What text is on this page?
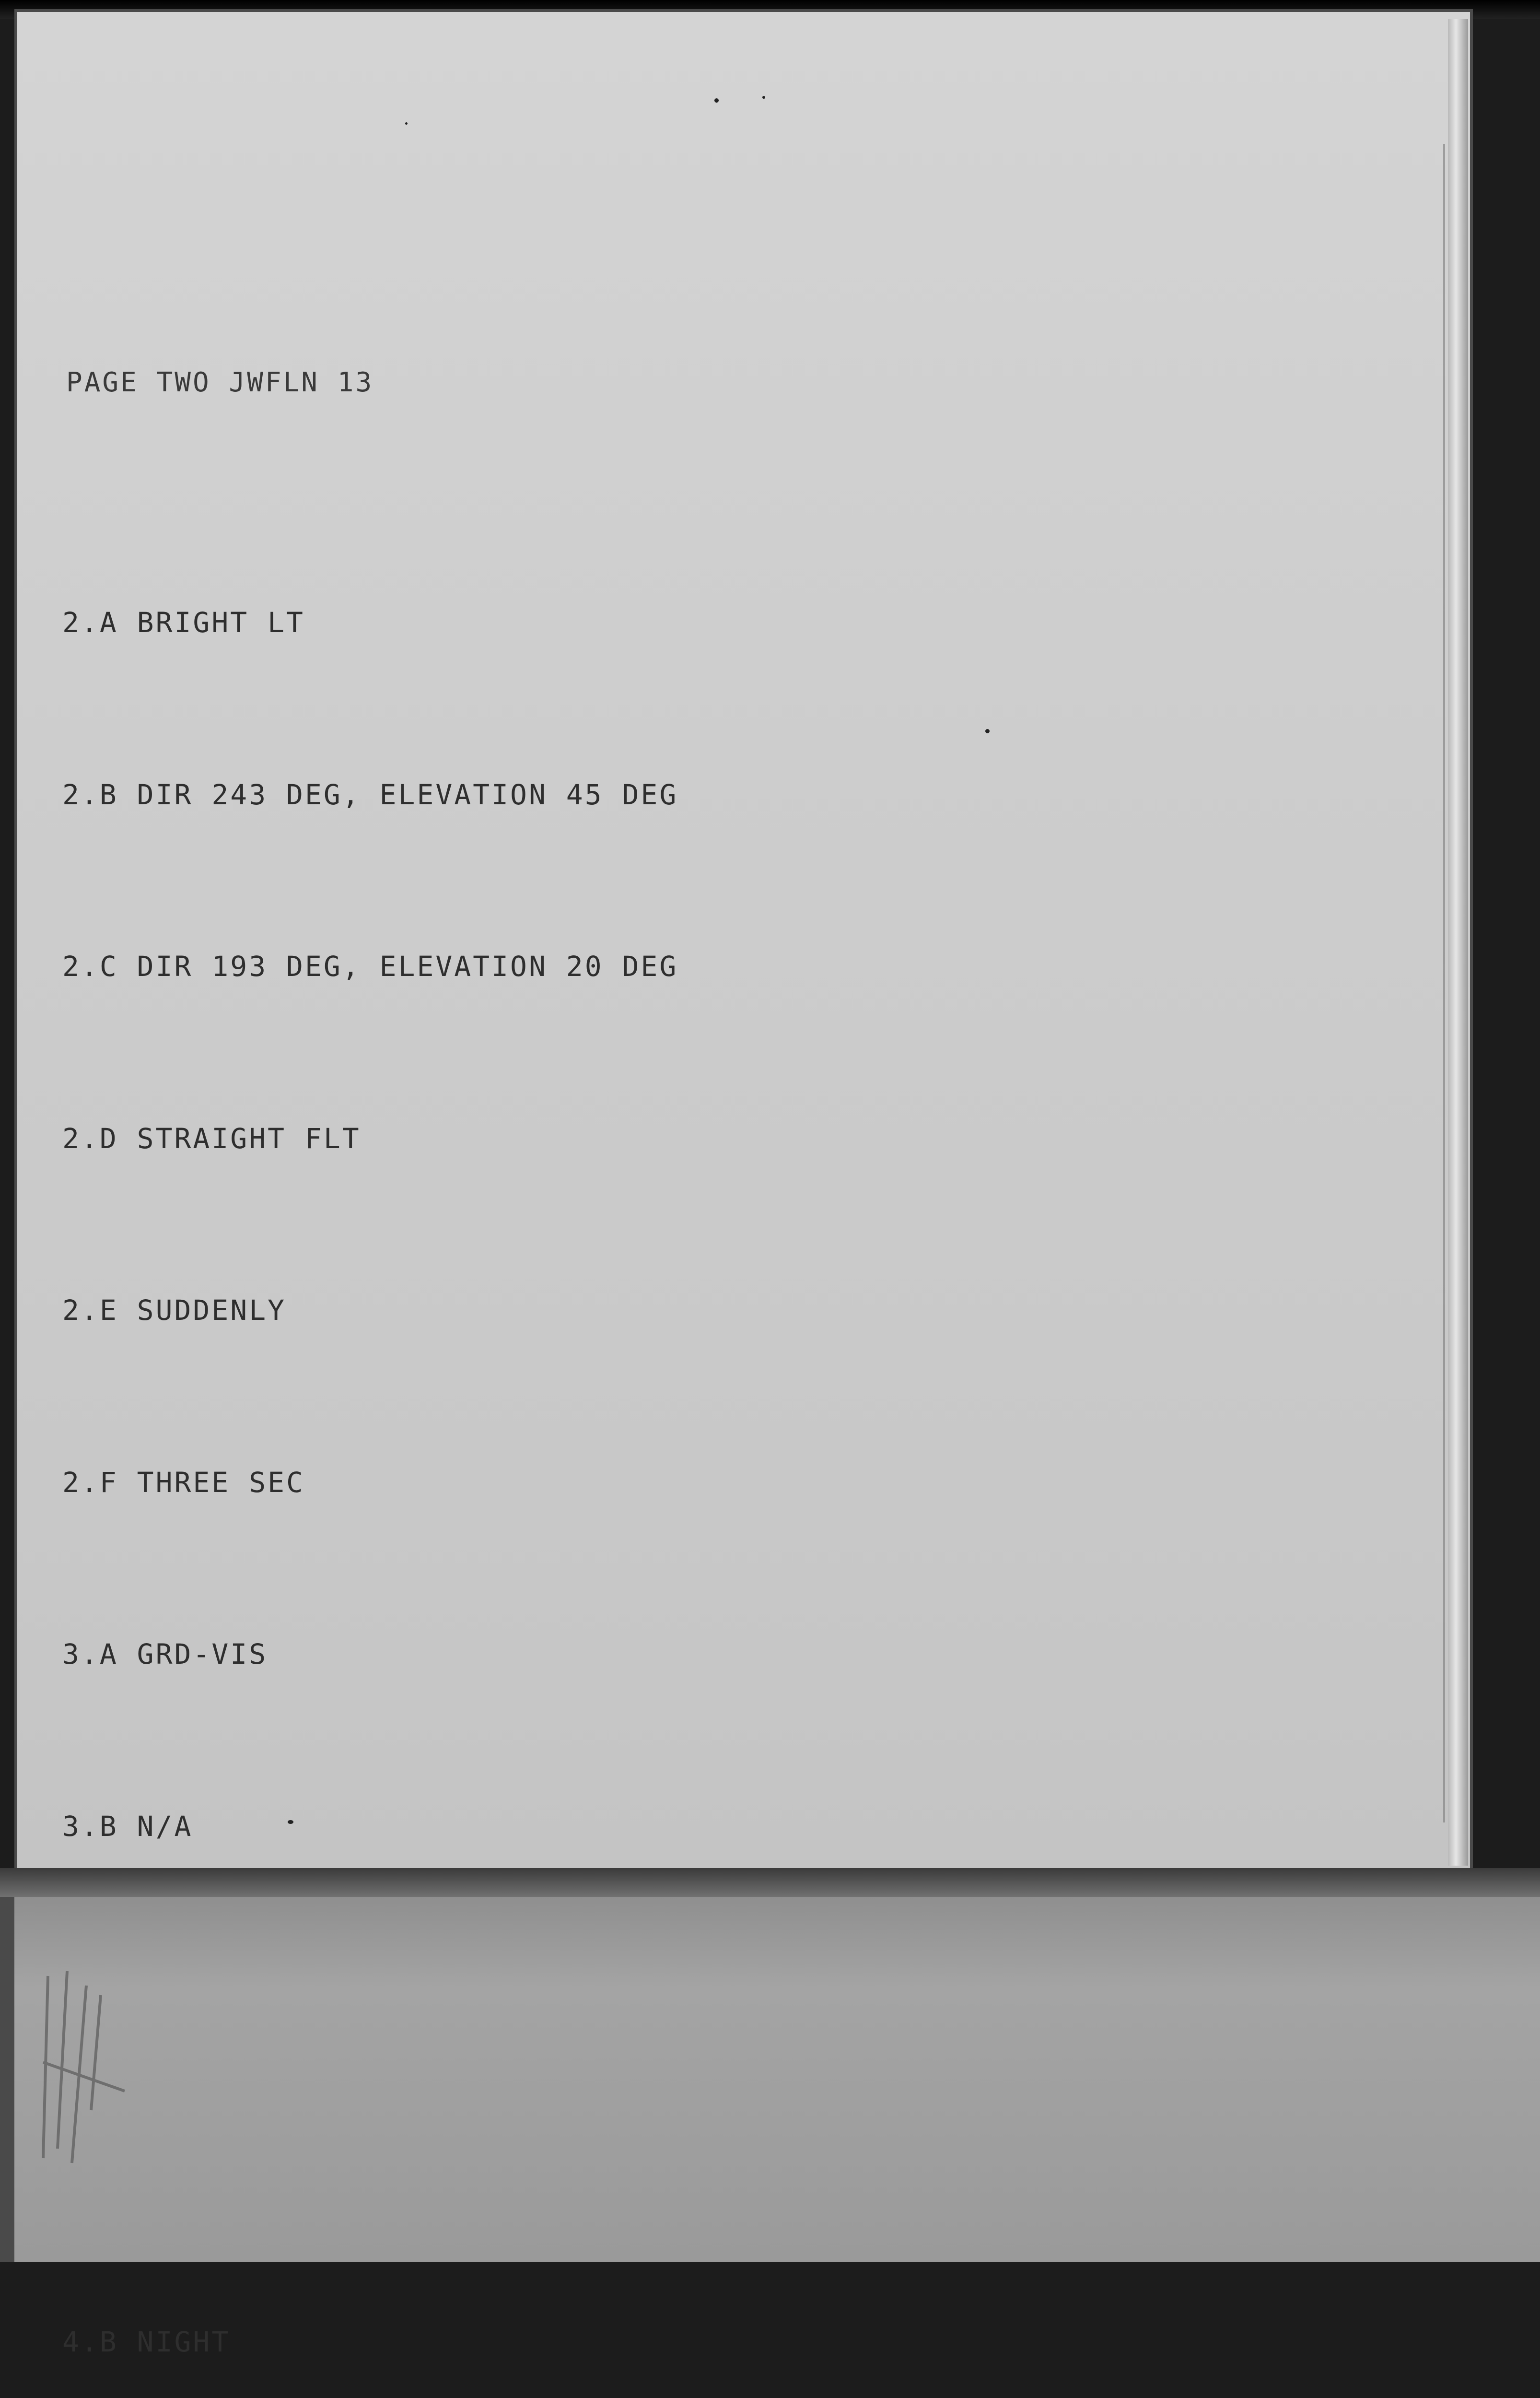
PAGE TWO JWFLN 13

2.A BRIGHT LT

2.B DIR 243 DEG, ELEVATION 45 DEG

2.C DIR 193 DEG, ELEVATION 20 DEG

2.D STRAIGHT FLT

2.E SUDDENLY

2.F THREE SEC

3.A GRD-VIS

3.B N/A

4.B NIGHT
